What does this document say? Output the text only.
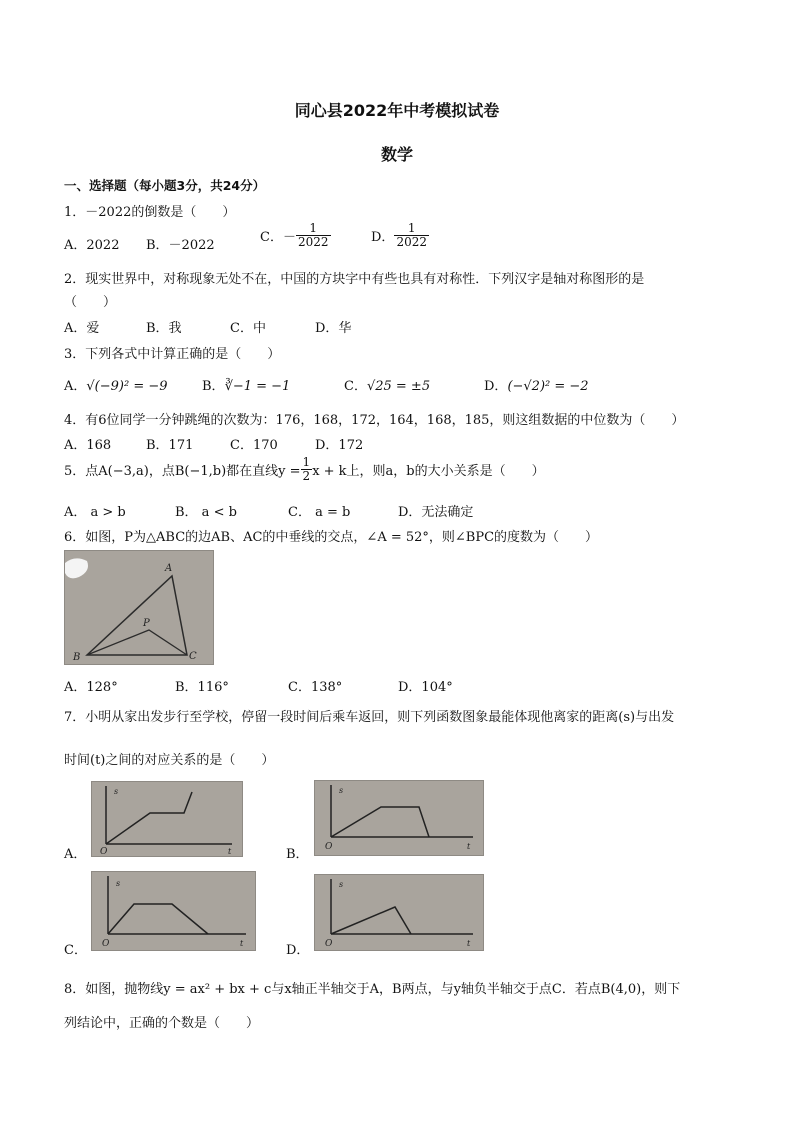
同心县2022年中考模拟试卷
数学
一、选择题（每小题3分，共24分）
1．－2022的倒数是（　　）
A．2022 B．－2022
C．－ $\frac{1}{2022}$	D． $\frac{1}{2022}$
2．现实世界中，对称现象无处不在，中国的方块字中有些也具有对称性．下列汉字是轴对称图形的是
（　　）
A．爱	B．我	C．中	D．华
3．下列各式中计算正确的是（　　）
A．√(−9)² = −9	B．∛−1 = −1	C．√25 = ±5	D．(−√2)² = −2
4．有6位同学一分钟跳绳的次数为：176，168，172，164，168，185，则这组数据的中位数为（　　）
A．168	B．171	C．170	D．172
5．点A(−3,a)，点B(−1,b)都在直线$y = \frac{1}{2}$ x + k上，则a，b的大小关系是（　　）
A． a > b	B． a < b	C． a = b	D．无法确定
6．如图，P为△ABC的边AB、AC的中垂线的交点，∠A = 52°，则∠BPC的度数为（　　）
A
B	C
P
A．128°	B．116°	C．138°	D．104°
7．小明从家出发步行至学校，停留一段时间后乘车返回，则下列函数图象最能体现他离家的距离(s)与出发
时间(t)之间的对应关系的是（　　）
A．
s
O	t	B．
s
O	t
C．
s
O	t	D．
s
O	t
8．如图，抛物线y = ax² + bx + c与x轴正半轴交于A，B两点，与y轴负半轴交于点C．若点B(4,0)，则下
列结论中，正确的个数是（　　）
